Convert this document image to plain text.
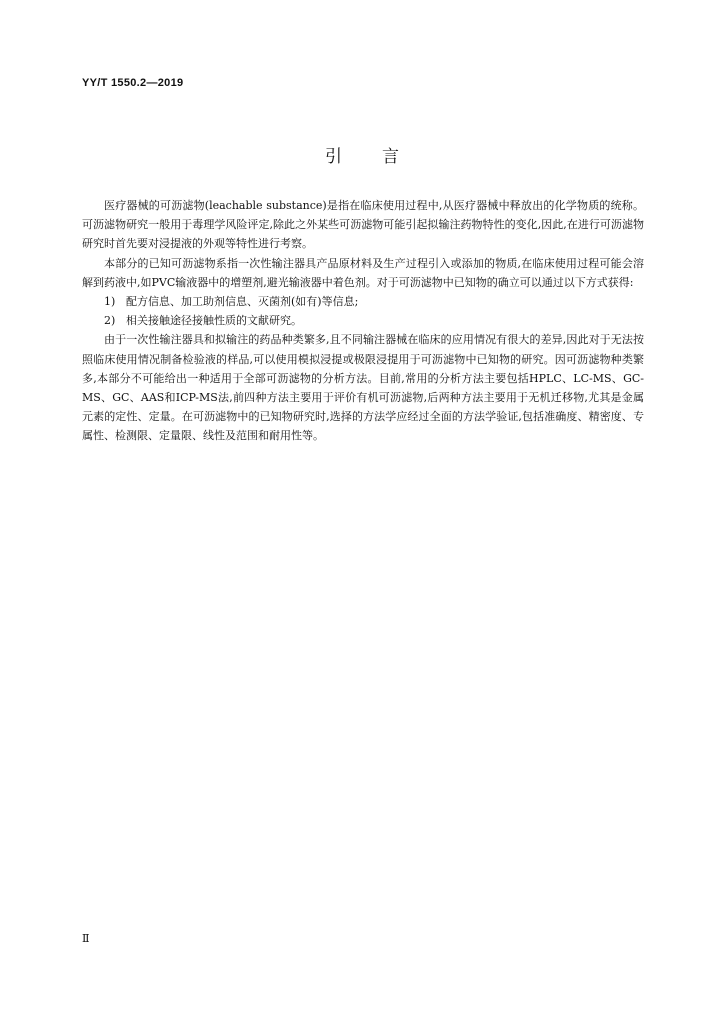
YY/T 1550.2—2019
引言

医疗器械的可沥滤物(leachable substance)是指在临床使用过程中,从医疗器械中释放出的化学物质的统称。可沥滤物研究一般用于毒理学风险评定,除此之外某些可沥滤物可能引起拟输注药物特性的变化,因此,在进行可沥滤物研究时首先要对浸提液的外观等特性进行考察。

本部分的已知可沥滤物系指一次性输注器具产品原材料及生产过程引入或添加的物质,在临床使用过程可能会溶解到药液中,如PVC输液器中的增塑剂,避光输液器中着色剂。对于可沥滤物中已知物的确立可以通过以下方式获得:

1) 配方信息、加工助剂信息、灭菌剂(如有)等信息;

2) 相关接触途径接触性质的文献研究。

由于一次性输注器具和拟输注的药品种类繁多,且不同输注器械在临床的应用情况有很大的差异,因此对于无法按照临床使用情况制备检验液的样品,可以使用模拟浸提或极限浸提用于可沥滤物中已知物的研究。因可沥滤物种类繁多,本部分不可能给出一种适用于全部可沥滤物的分析方法。目前,常用的分析方法主要包括HPLC、LC-MS、GC-MS、GC、AAS和ICP-MS法,前四种方法主要用于评价有机可沥滤物,后两种方法主要用于无机迁移物,尤其是金属元素的定性、定量。在可沥滤物中的已知物研究时,选择的方法学应经过全面的方法学验证,包括准确度、精密度、专属性、检测限、定量限、线性及范围和耐用性等。

Ⅱ
